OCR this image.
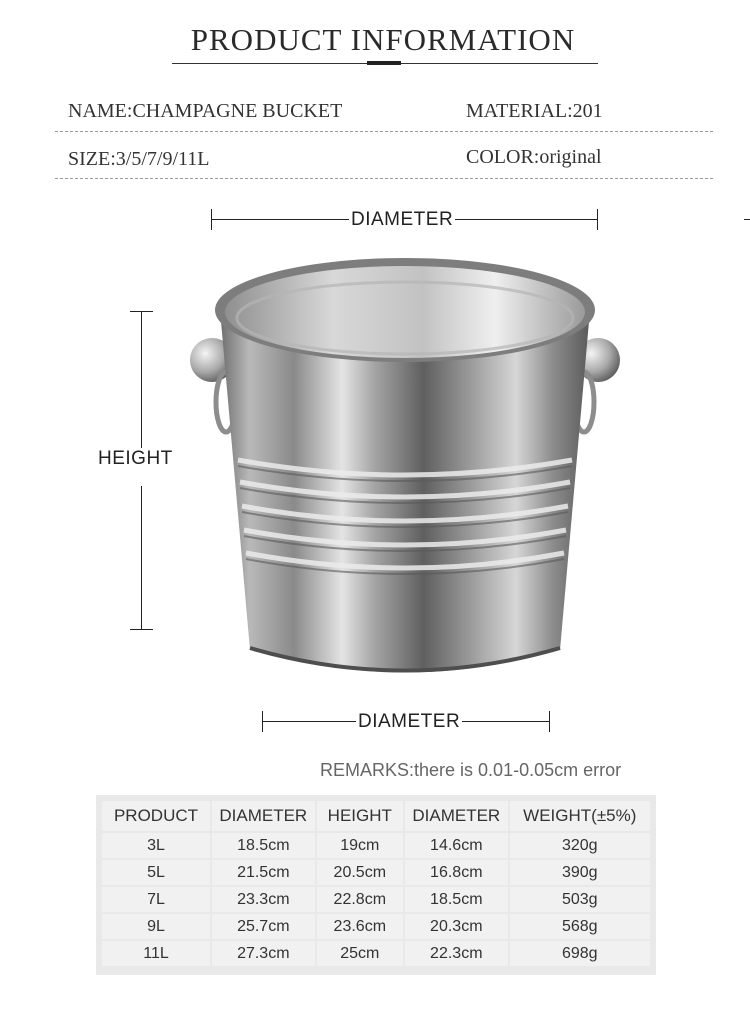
PRODUCT INFORMATION
NAME:CHAMPAGNE BUCKET	MATERIAL:201
SIZE:3/5/7/9/11L	COLOR:original
DIAMETER
HEIGHT
DIAMETER
REMARKS:there is 0.01-0.05cm error
PRODUCT	DIAMETER	HEIGHT	DIAMETER	WEIGHT(±5%)
3L	18.5cm	19cm	14.6cm	320g
5L	21.5cm	20.5cm	16.8cm	390g
7L	23.3cm	22.8cm	18.5cm	503g
9L	25.7cm	23.6cm	20.3cm	568g
11L	27.3cm	25cm	22.3cm	698g
